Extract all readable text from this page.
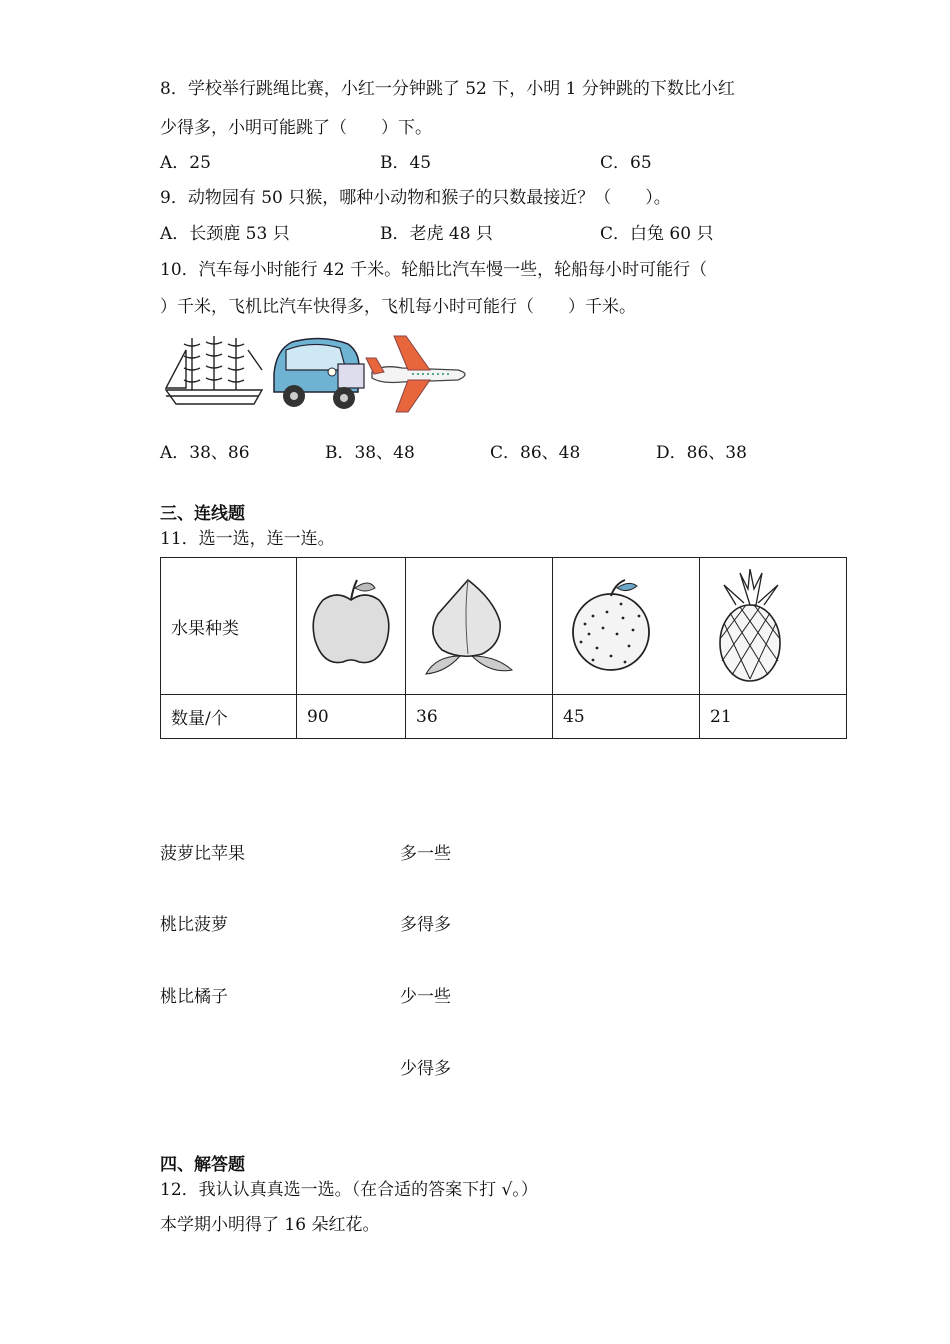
8．学校举行跳绳比赛，小红一分钟跳了 52 下，小明 1 分钟跳的下数比小红
少得多，小明可能跳了（　　）下。
A．25	B．45	C．65
9．动物园有 50 只猴，哪种小动物和猴子的只数最接近？（　　）。
A．长颈鹿 53 只	B．老虎 48 只	C．白兔 60 只
10．汽车每小时能行 42 千米。轮船比汽车慢一些，轮船每小时可能行（
）千米，飞机比汽车快得多，飞机每小时可能行（　　）千米。
A．38、86	B．38、48	C．86、48	D．86、38
三、连线题
11．选一选，连一连。
水果种类	

数量/个	90	36	45	21
菠萝比苹果
桃比菠萝
桃比橘子
多一些
多得多
少一些
少得多
四、解答题
12．我认认真真选一选。（在合适的答案下打 √。）
本学期小明得了 16 朵红花。
